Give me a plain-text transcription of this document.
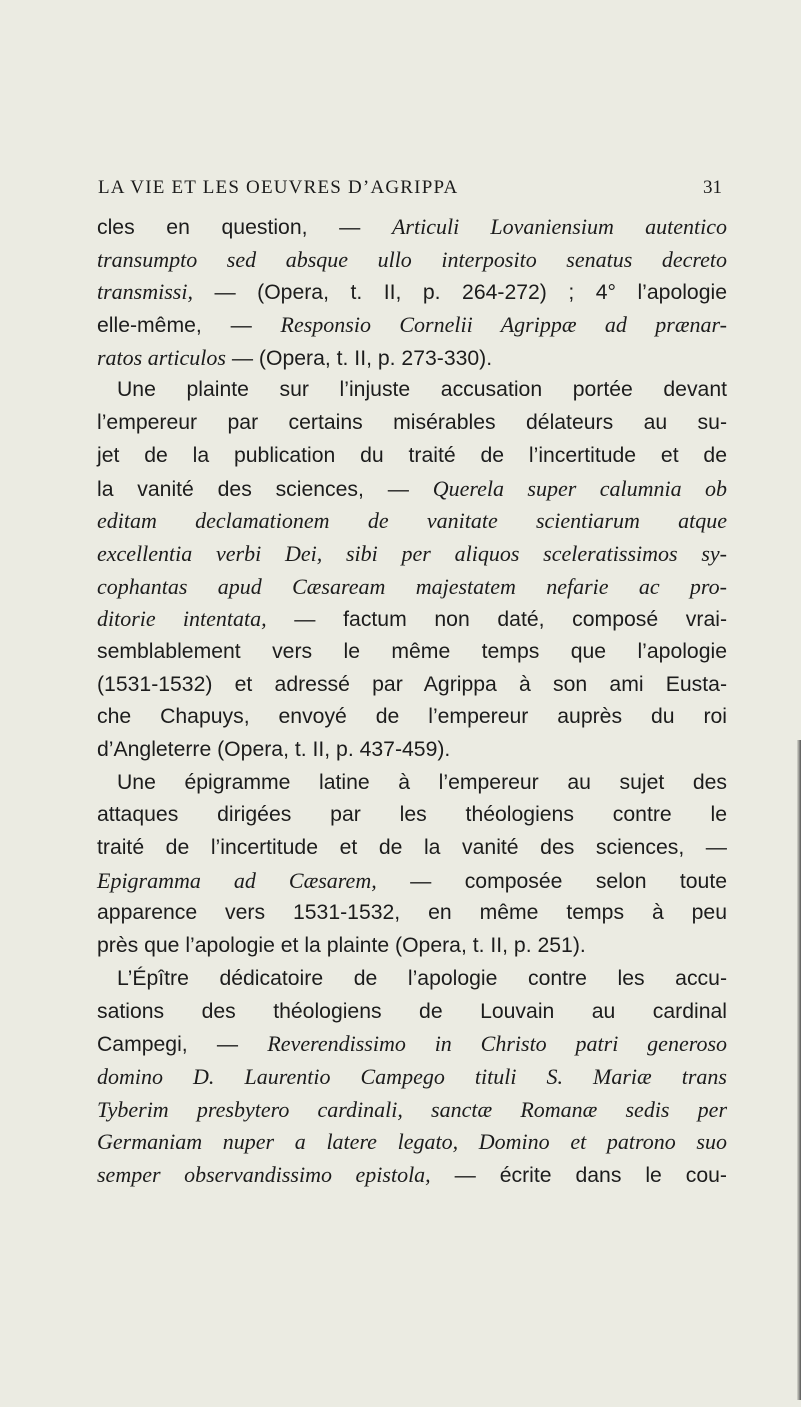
LA VIE ET LES OEUVRES D’AGRIPPA	31
cles en question, — Articuli Lovaniensium autentico
transumpto sed absque ullo interposito senatus decreto
transmissi, — (Opera, t. II, p. 264-272) ; 4° l’apologie
elle-même, — Responsio Cornelii Agrippæ ad prænar-
ratos articulos — (Opera, t. II, p. 273-330).
Une plainte sur l’injuste accusation portée devant
l’empereur par certains misérables délateurs au su-
jet de la publication du traité de l’incertitude et de
la vanité des sciences, — Querela super calumnia ob
editam declamationem de vanitate scientiarum atque
excellentia verbi Dei, sibi per aliquos sceleratissimos sy-
cophantas apud Cæsaream majestatem nefarie ac pro-
ditorie intentata, — factum non daté, composé vrai-
semblablement vers le même temps que l’apologie
(1531-1532) et adressé par Agrippa à son ami Eusta-
che Chapuys, envoyé de l’empereur auprès du roi
d’Angleterre (Opera, t. II, p. 437-459).
Une épigramme latine à l’empereur au sujet des
attaques dirigées par les théologiens contre le
traité de l’incertitude et de la vanité des sciences, —
Epigramma ad Cæsarem, — composée selon toute
apparence vers 1531-1532, en même temps à peu
près que l’apologie et la plainte (Opera, t. II, p. 251).
L’Épître dédicatoire de l’apologie contre les accu-
sations des théologiens de Louvain au cardinal
Campegi, — Reverendissimo in Christo patri generoso
domino D. Laurentio Campego tituli S. Mariæ trans
Tyberim presbytero cardinali, sanctæ Romanæ sedis per
Germaniam nuper a latere legato, Domino et patrono suo
semper observandissimo epistola, — écrite dans le cou-
